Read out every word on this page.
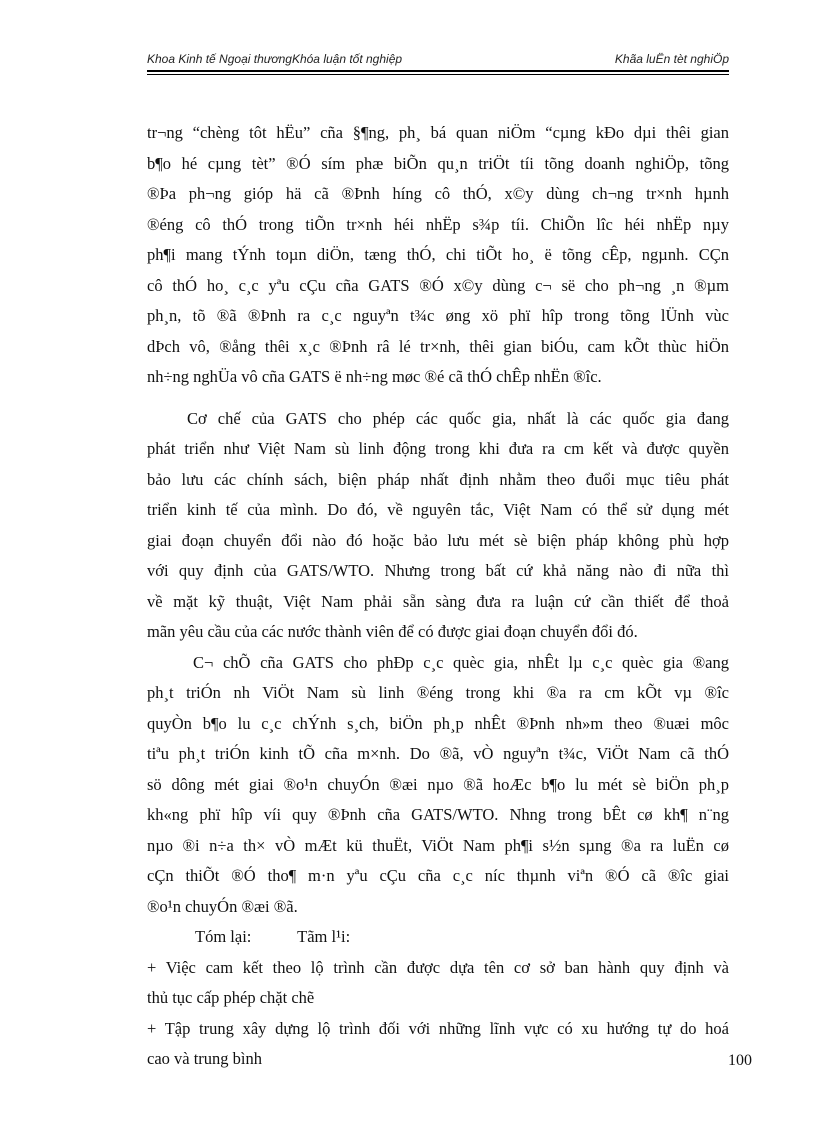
Khoa Kinh tế Ngoại thươngKhóa luận tốt nghiệp	Khãa luËn tèt nghiÖp
tr¬ng “chèng tôt hËu” cña §¶ng, ph¸ bá quan niÖm “cµng kÐo dµi thêi gian
b¶o hé cµng tèt” ®Ó sím phæ biÕn qu¸n triÖt tíi tõng doanh nghiÖp, tõng
®Þa ph¬ng gióp hä cã ®Þnh híng cô thÓ, x©y dùng ch¬ng tr×nh hµnh
®éng cô thÓ trong tiÕn tr×nh héi nhËp s¾p tíi. ChiÕn lîc héi nhËp nµy
ph¶i mang tÝnh toµn diÖn, tæng thÓ, chi tiÕt ho¸ ë tõng cÊp, ngµnh. CÇn
cô thÓ ho¸ c¸c yªu cÇu cña GATS ®Ó x©y dùng c¬ së cho ph¬ng ¸n ®µm
ph¸n, tõ ®ã ®Þnh ra c¸c nguyªn t¾c øng xö phï hîp trong tõng lÜnh vùc
dÞch vô, ®ång thêi x¸c ®Þnh râ lé tr×nh, thêi gian biÓu, cam kÕt thùc hiÖn
nh÷ng nghÜa vô cña GATS ë nh÷ng møc ®é cã thÓ chÊp nhËn ®îc.
Cơ chế của GATS cho phép các quốc gia, nhất là các quốc gia đang
phát triển như Việt Nam sù linh động trong khi đưa ra cm kết và được quyền
bảo lưu các chính sách, biện pháp nhất định nhằm theo đuổi mục tiêu phát
triển kinh tế của mình. Do đó, về nguyên tắc, Việt Nam có thể sử dụng mét
giai đoạn chuyển đổi nào đó hoặc bảo lưu mét sè biện pháp không phù hợp
với quy định của GATS/WTO. Nhưng trong bất cứ khả năng nào đi nữa thì
về mặt kỹ thuật, Việt Nam phải sẵn sàng đưa ra luận cứ cần thiết để thoả
mãn yêu cầu của các nước thành viên để có được giai đoạn chuyển đổi đó.
C¬ chÕ cña GATS cho phÐp c¸c quèc gia, nhÊt lµ c¸c quèc gia ®ang
ph¸t triÓn nh ViÖt Nam sù linh ®éng trong khi ®a ra cm kÕt vµ ®îc
quyÒn b¶o lu c¸c chÝnh s¸ch, biÖn ph¸p nhÊt ®Þnh nh»m theo ®uæi môc
tiªu ph¸t triÓn kinh tÕ cña m×nh. Do ®ã, vÒ nguyªn t¾c, ViÖt Nam cã thÓ
sö dông mét giai ®o¹n chuyÓn ®æi nµo ®ã hoÆc b¶o lu mét sè biÖn ph¸p
kh«ng phï hîp víi quy ®Þnh cña GATS/WTO. Nhng trong bÊt cø kh¶ n¨ng
nµo ®i n÷a th× vÒ mÆt kü thuËt, ViÖt Nam ph¶i s½n sµng ®a ra luËn cø
cÇn thiÕt ®Ó tho¶ m·n yªu cÇu cña c¸c níc thµnh viªn ®Ó cã ®îc giai
®o¹n chuyÓn ®æi ®ã.
Tóm lại:	Tãm l¹i:
+ Việc cam kết theo lộ trình cần được dựa tên cơ sở ban hành quy định và
thủ tục cấp phép chặt chẽ
+ Tập trung xây dựng lộ trình đối với những lĩnh vực có xu hướng tự do hoá
cao và trung bình	100
